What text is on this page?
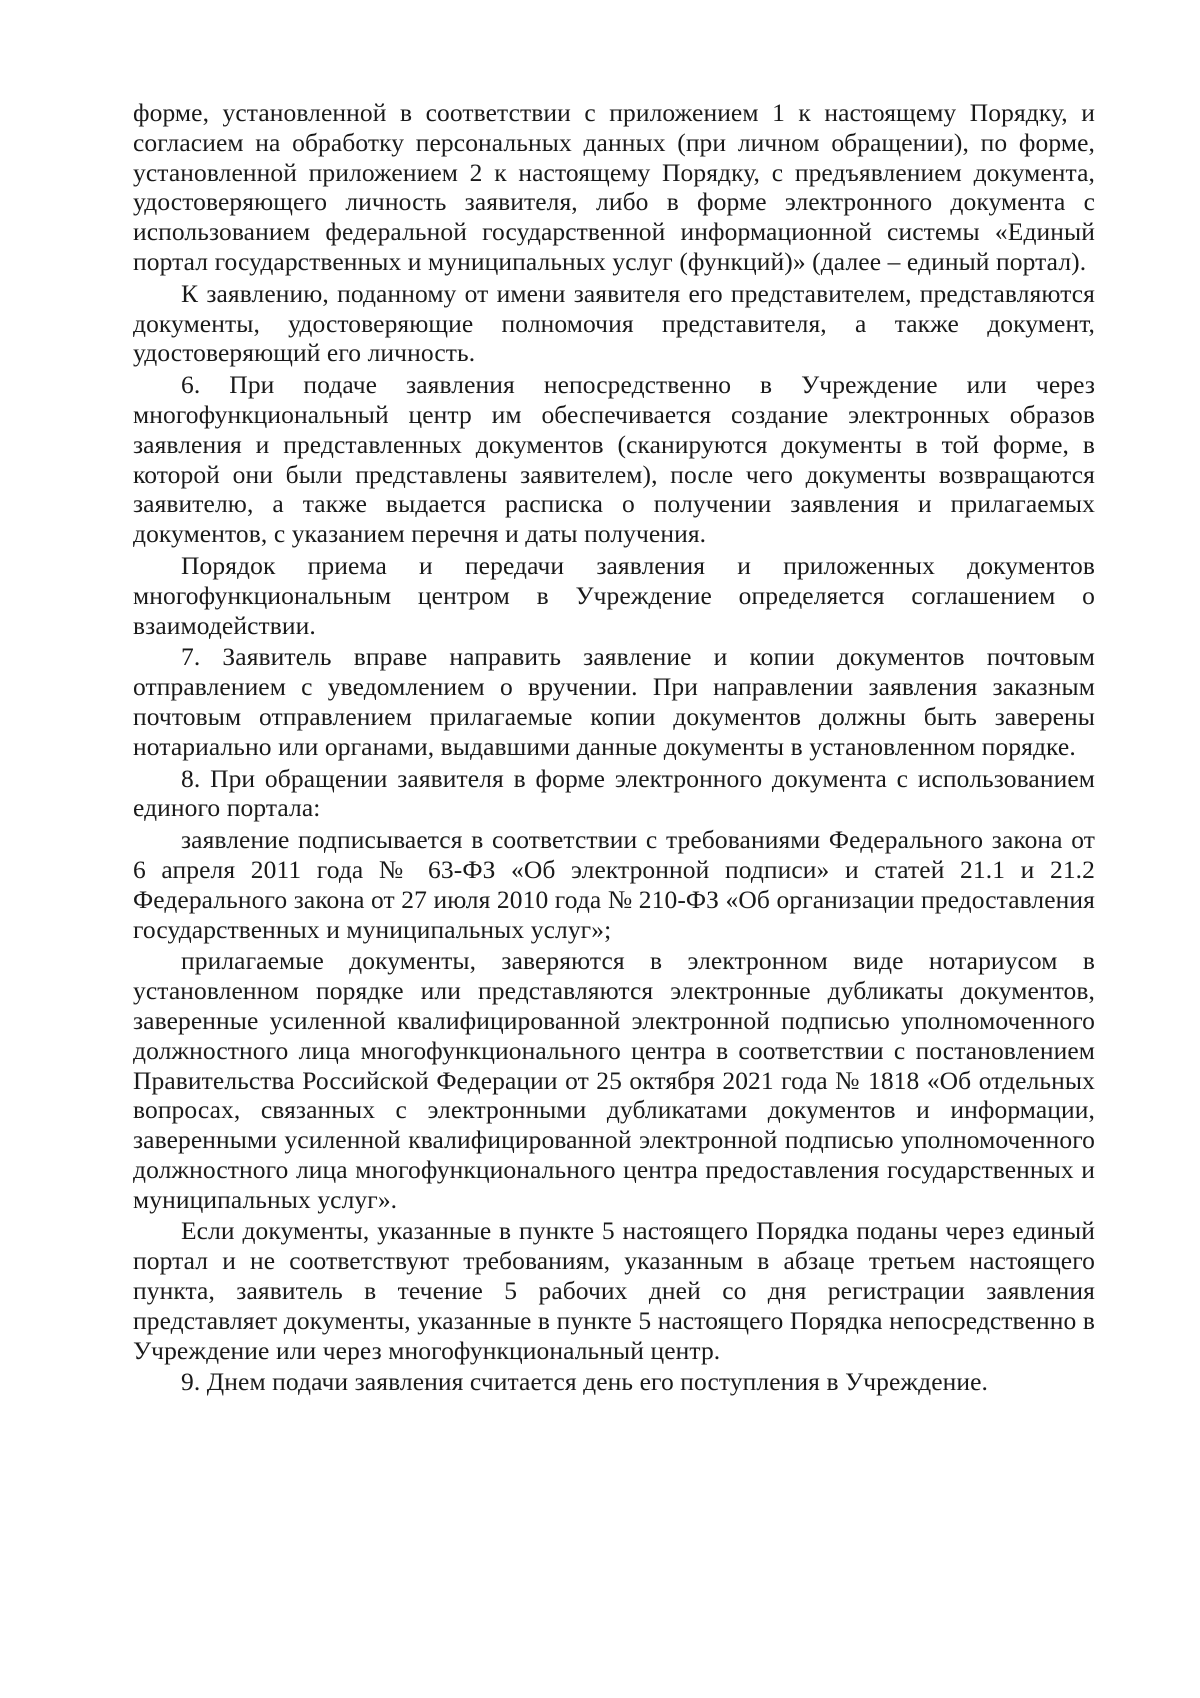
форме, установленной в соответствии с приложением 1 к настоящему Порядку, и согласием на обработку персональных данных (при личном обращении), по форме, установленной приложением 2 к настоящему Порядку, с предъявлением документа, удостоверяющего личность заявителя, либо в форме электронного документа с использованием федеральной государственной информационной системы «Единый портал государственных и муниципальных услуг (функций)» (далее – единый портал).

К заявлению, поданному от имени заявителя его представителем, представляются документы, удостоверяющие полномочия представителя, а также документ, удостоверяющий его личность.

6. При подаче заявления непосредственно в Учреждение или через многофункциональный центр им обеспечивается создание электронных образов заявления и представленных документов (сканируются документы в той форме, в которой они были представлены заявителем), после чего документы возвращаются заявителю, а также выдается расписка о получении заявления и прилагаемых документов, с указанием перечня и даты получения.

Порядок приема и передачи заявления и приложенных документов многофункциональным центром в Учреждение определяется соглашением о взаимодействии.

7. Заявитель вправе направить заявление и копии документов почтовым отправлением с уведомлением о вручении. При направлении заявления заказным почтовым отправлением прилагаемые копии документов должны быть заверены нотариально или органами, выдавшими данные документы в установленном порядке.

8. При обращении заявителя в форме электронного документа с использованием единого портала:

заявление подписывается в соответствии с требованиями Федерального закона от 6 апреля 2011 года № 63-ФЗ «Об электронной подписи» и статей 21.1 и 21.2 Федерального закона от 27 июля 2010 года № 210-ФЗ «Об организации предоставления государственных и муниципальных услуг»;

прилагаемые документы, заверяются в электронном виде нотариусом в установленном порядке или представляются электронные дубликаты документов, заверенные усиленной квалифицированной электронной подписью уполномоченного должностного лица многофункционального центра в соответствии с постановлением Правительства Российской Федерации от 25 октября 2021 года № 1818 «Об отдельных вопросах, связанных с электронными дубликатами документов и информации, заверенными усиленной квалифицированной электронной подписью уполномоченного должностного лица многофункционального центра предоставления государственных и муниципальных услуг».

Если документы, указанные в пункте 5 настоящего Порядка поданы через единый портал и не соответствуют требованиям, указанным в абзаце третьем настоящего пункта, заявитель в течение 5 рабочих дней со дня регистрации заявления представляет документы, указанные в пункте 5 настоящего Порядка непосредственно в Учреждение или через многофункциональный центр.

9. Днем подачи заявления считается день его поступления в Учреждение.
